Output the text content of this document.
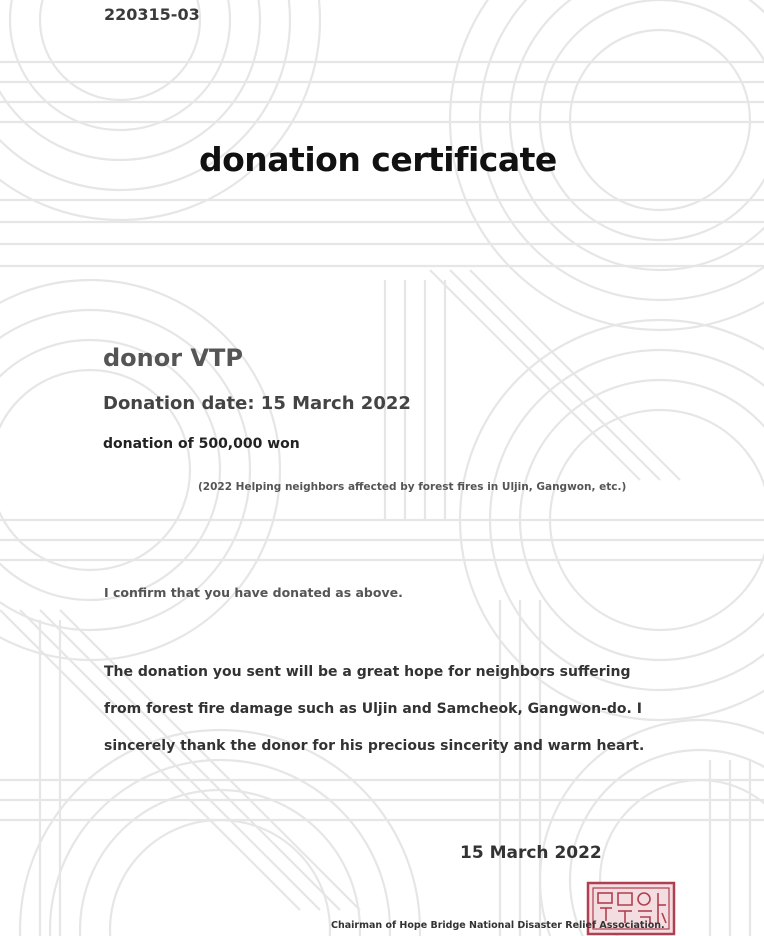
220315-03
donation certificate
donor VTP
Donation date: 15 March 2022
donation of 500,000 won
(2022 Helping neighbors affected by forest fires in Uljin, Gangwon, etc.)
I confirm that you have donated as above.
The donation you sent will be a great hope for neighbors suffering from forest fire damage such as Uljin and Samcheok, Gangwon-do. I sincerely thank the donor for his precious sincerity and warm heart.
15 March 2022
Chairman of Hope Bridge National Disaster Relief Association.
